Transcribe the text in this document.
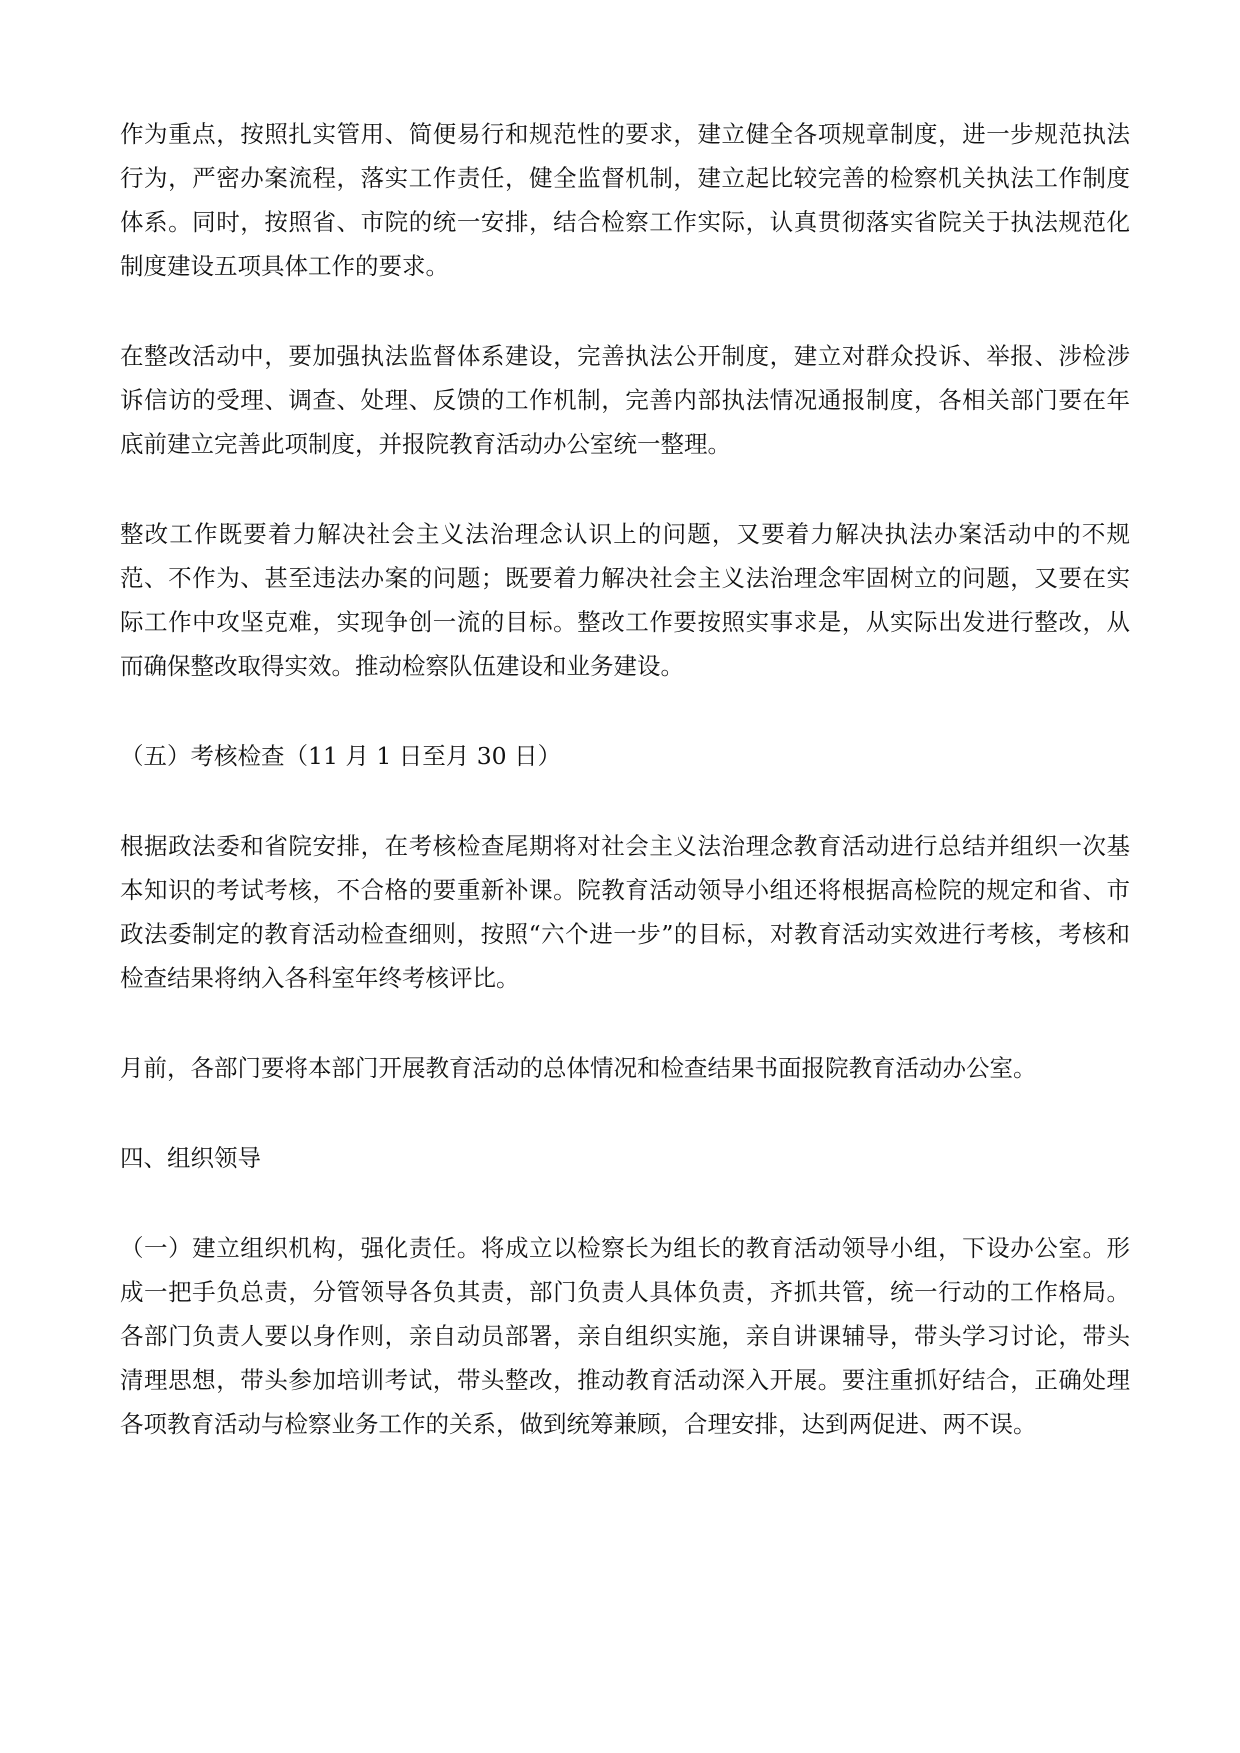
作为重点，按照扎实管用、简便易行和规范性的要求，建立健全各项规章制度，进一步规范执法行为，严密办案流程，落实工作责任，健全监督机制，建立起比较完善的检察机关执法工作制度体系。同时，按照省、市院的统一安排，结合检察工作实际，认真贯彻落实省院关于执法规范化制度建设五项具体工作的要求。

在整改活动中，要加强执法监督体系建设，完善执法公开制度，建立对群众投诉、举报、涉检涉诉信访的受理、调查、处理、反馈的工作机制，完善内部执法情况通报制度，各相关部门要在年底前建立完善此项制度，并报院教育活动办公室统一整理。

整改工作既要着力解决社会主义法治理念认识上的问题，又要着力解决执法办案活动中的不规范、不作为、甚至违法办案的问题；既要着力解决社会主义法治理念牢固树立的问题，又要在实际工作中攻坚克难，实现争创一流的目标。整改工作要按照实事求是，从实际出发进行整改，从而确保整改取得实效。推动检察队伍建设和业务建设。

（五）考核检查（11 月 1 日至月 30 日）

根据政法委和省院安排，在考核检查尾期将对社会主义法治理念教育活动进行总结并组织一次基本知识的考试考核，不合格的要重新补课。院教育活动领导小组还将根据高检院的规定和省、市政法委制定的教育活动检查细则，按照“六个进一步”的目标，对教育活动实效进行考核，考核和检查结果将纳入各科室年终考核评比。

月前，各部门要将本部门开展教育活动的总体情况和检查结果书面报院教育活动办公室。

四、组织领导

（一）建立组织机构，强化责任。将成立以检察长为组长的教育活动领导小组，下设办公室。形成一把手负总责，分管领导各负其责，部门负责人具体负责，齐抓共管，统一行动的工作格局。各部门负责人要以身作则，亲自动员部署，亲自组织实施，亲自讲课辅导，带头学习讨论，带头清理思想，带头参加培训考试，带头整改，推动教育活动深入开展。要注重抓好结合，正确处理各项教育活动与检察业务工作的关系，做到统筹兼顾，合理安排，达到两促进、两不误。
